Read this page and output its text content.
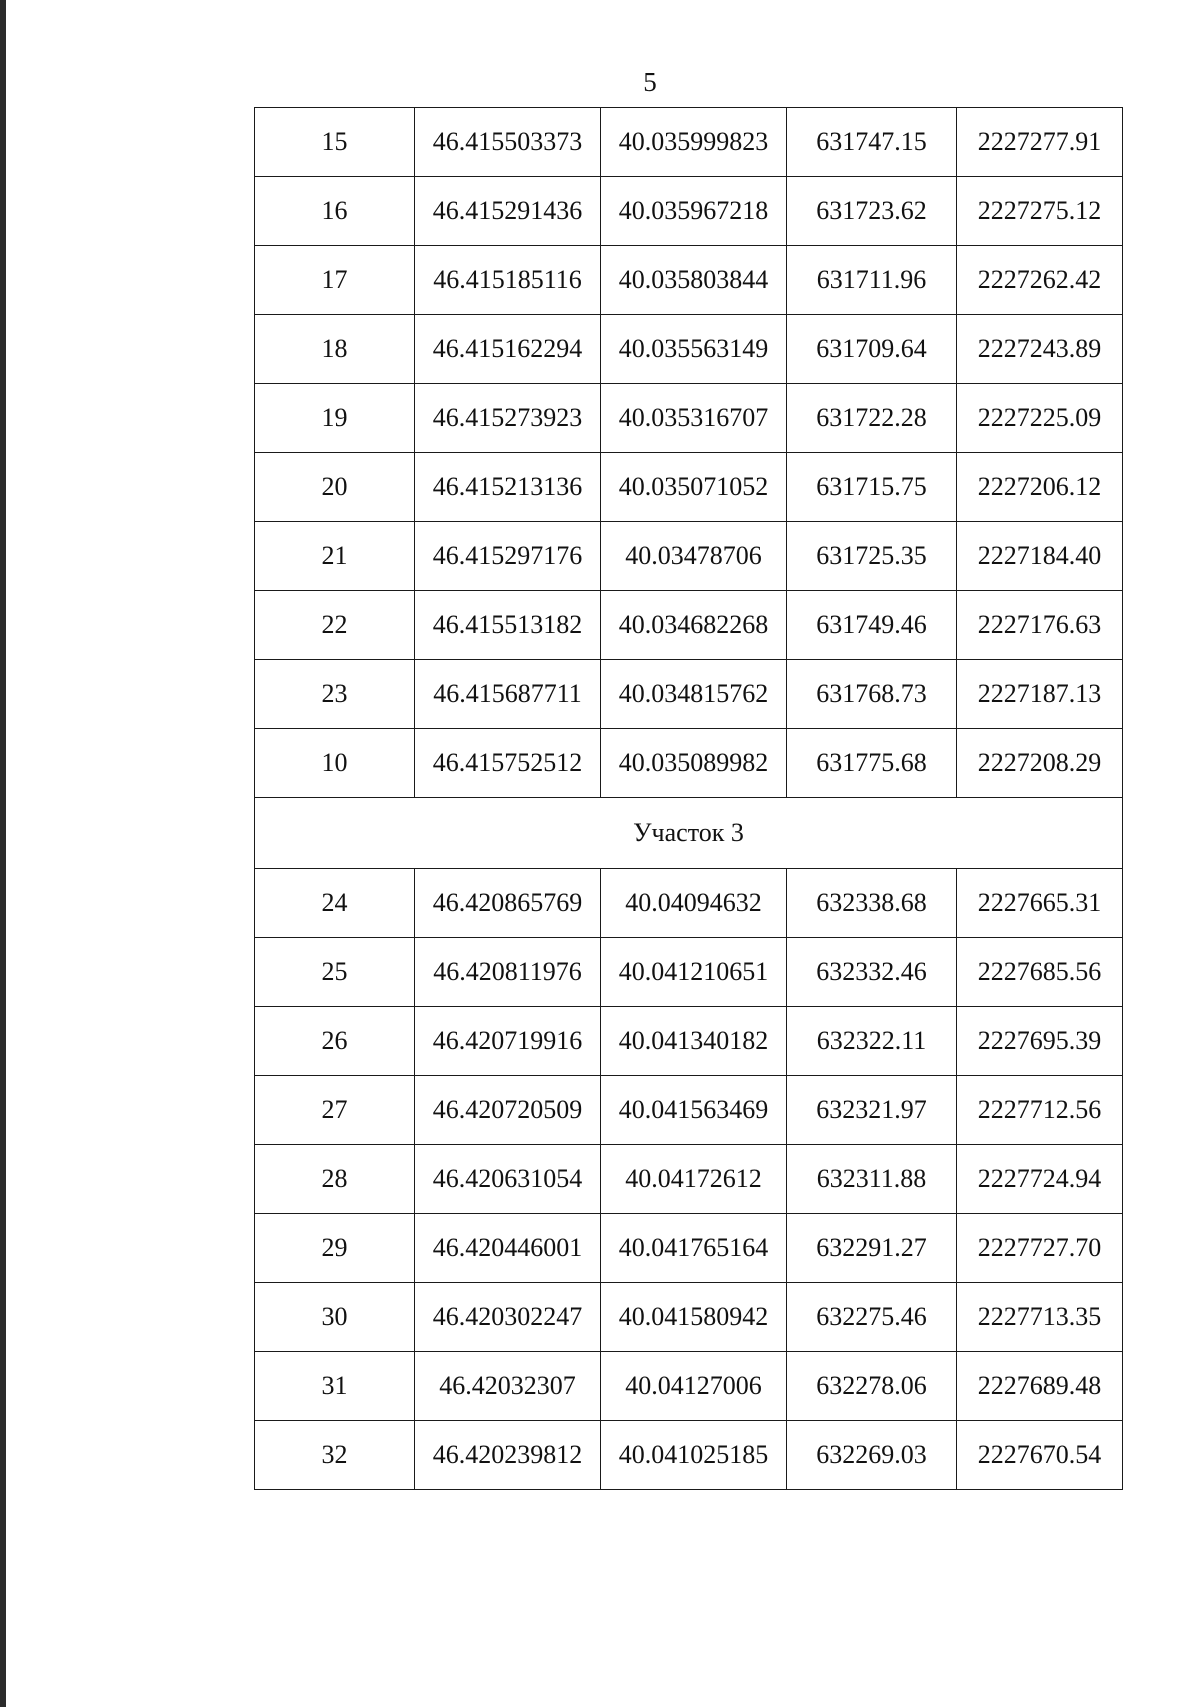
5
15	46.415503373	40.035999823	631747.15	2227277.91
16	46.415291436	40.035967218	631723.62	2227275.12
17	46.415185116	40.035803844	631711.96	2227262.42
18	46.415162294	40.035563149	631709.64	2227243.89
19	46.415273923	40.035316707	631722.28	2227225.09
20	46.415213136	40.035071052	631715.75	2227206.12
21	46.415297176	40.03478706	631725.35	2227184.40
22	46.415513182	40.034682268	631749.46	2227176.63
23	46.415687711	40.034815762	631768.73	2227187.13
10	46.415752512	40.035089982	631775.68	2227208.29
Участок 3				
24	46.420865769	40.04094632	632338.68	2227665.31
25	46.420811976	40.041210651	632332.46	2227685.56
26	46.420719916	40.041340182	632322.11	2227695.39
27	46.420720509	40.041563469	632321.97	2227712.56
28	46.420631054	40.04172612	632311.88	2227724.94
29	46.420446001	40.041765164	632291.27	2227727.70
30	46.420302247	40.041580942	632275.46	2227713.35
31	46.42032307	40.04127006	632278.06	2227689.48
32	46.420239812	40.041025185	632269.03	2227670.54
